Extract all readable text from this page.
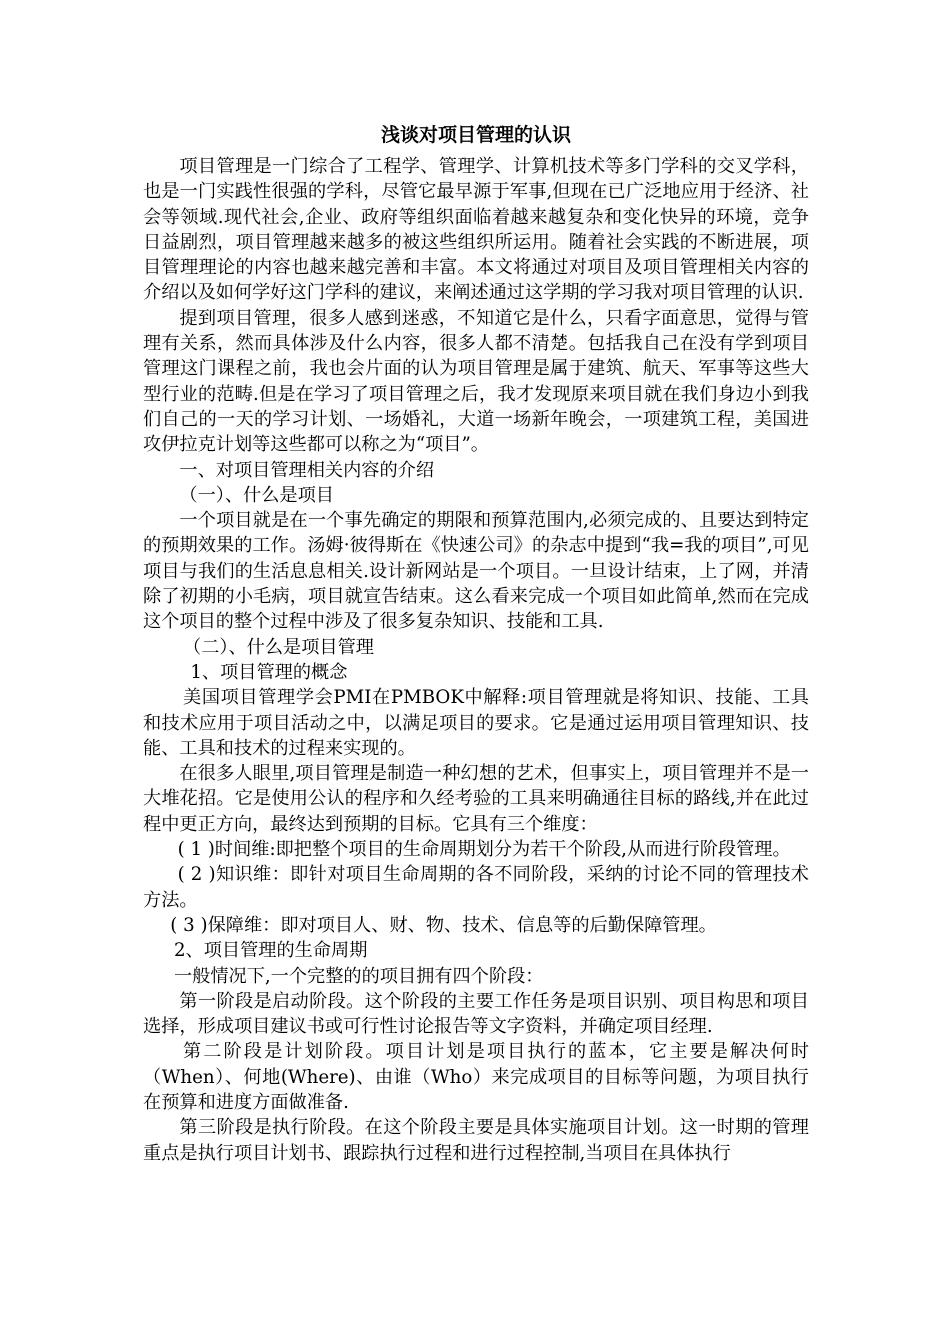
浅谈对项目管理的认识

项目管理是一门综合了工程学、管理学、计算机技术等多门学科的交叉学科，也是一门实践性很强的学科，尽管它最早源于军事,但现在已广泛地应用于经济、社会等领域.现代社会,企业、政府等组织面临着越来越复杂和变化快异的环境，竞争日益剧烈，项目管理越来越多的被这些组织所运用。随着社会实践的不断进展，项目管理理论的内容也越来越完善和丰富。本文将通过对项目及项目管理相关内容的介绍以及如何学好这门学科的建议，来阐述通过这学期的学习我对项目管理的认识.

提到项目管理，很多人感到迷惑，不知道它是什么，只看字面意思，觉得与管理有关系，然而具体涉及什么内容，很多人都不清楚。包括我自己在没有学到项目管理这门课程之前，我也会片面的认为项目管理是属于建筑、航天、军事等这些大型行业的范畴.但是在学习了项目管理之后，我才发现原来项目就在我们身边小到我们自己的一天的学习计划、一场婚礼，大道一场新年晚会，一项建筑工程，美国进攻伊拉克计划等这些都可以称之为“项目”。

一、对项目管理相关内容的介绍

（一）、什么是项目

一个项目就是在一个事先确定的期限和预算范围内,必须完成的、且要达到特定的预期效果的工作。汤姆·彼得斯在《快速公司》的杂志中提到“我=我的项目”,可见项目与我们的生活息息相关.设计新网站是一个项目。一旦设计结束，上了网，并清除了初期的小毛病，项目就宣告结束。这么看来完成一个项目如此简单,然而在完成这个项目的整个过程中涉及了很多复杂知识、技能和工具.

（二）、什么是项目管理

1、项目管理的概念

美国项目管理学会PMI在PMBOK中解释:项目管理就是将知识、技能、工具和技术应用于项目活动之中，以满足项目的要求。它是通过运用项目管理知识、技能、工具和技术的过程来实现的。

在很多人眼里,项目管理是制造一种幻想的艺术，但事实上，项目管理并不是一大堆花招。它是使用公认的程序和久经考验的工具来明确通往目标的路线,并在此过程中更正方向，最终达到预期的目标。它具有三个维度：

( 1 )时间维:即把整个项目的生命周期划分为若干个阶段,从而进行阶段管理。

( 2 )知识维：即针对项目生命周期的各不同阶段，采纳的讨论不同的管理技术方法。

( 3 )保障维：即对项目人、财、物、技术、信息等的后勤保障管理。

2、项目管理的生命周期

一般情况下,一个完整的的项目拥有四个阶段：

第一阶段是启动阶段。这个阶段的主要工作任务是项目识别、项目构思和项目选择，形成项目建议书或可行性讨论报告等文字资料，并确定项目经理.

第二阶段是计划阶段。项目计划是项目执行的蓝本，它主要是解决何时（When）、何地(Where)、由谁（Who）来完成项目的目标等问题，为项目执行在预算和进度方面做准备.

第三阶段是执行阶段。在这个阶段主要是具体实施项目计划。这一时期的管理重点是执行项目计划书、跟踪执行过程和进行过程控制,当项目在具体执行
